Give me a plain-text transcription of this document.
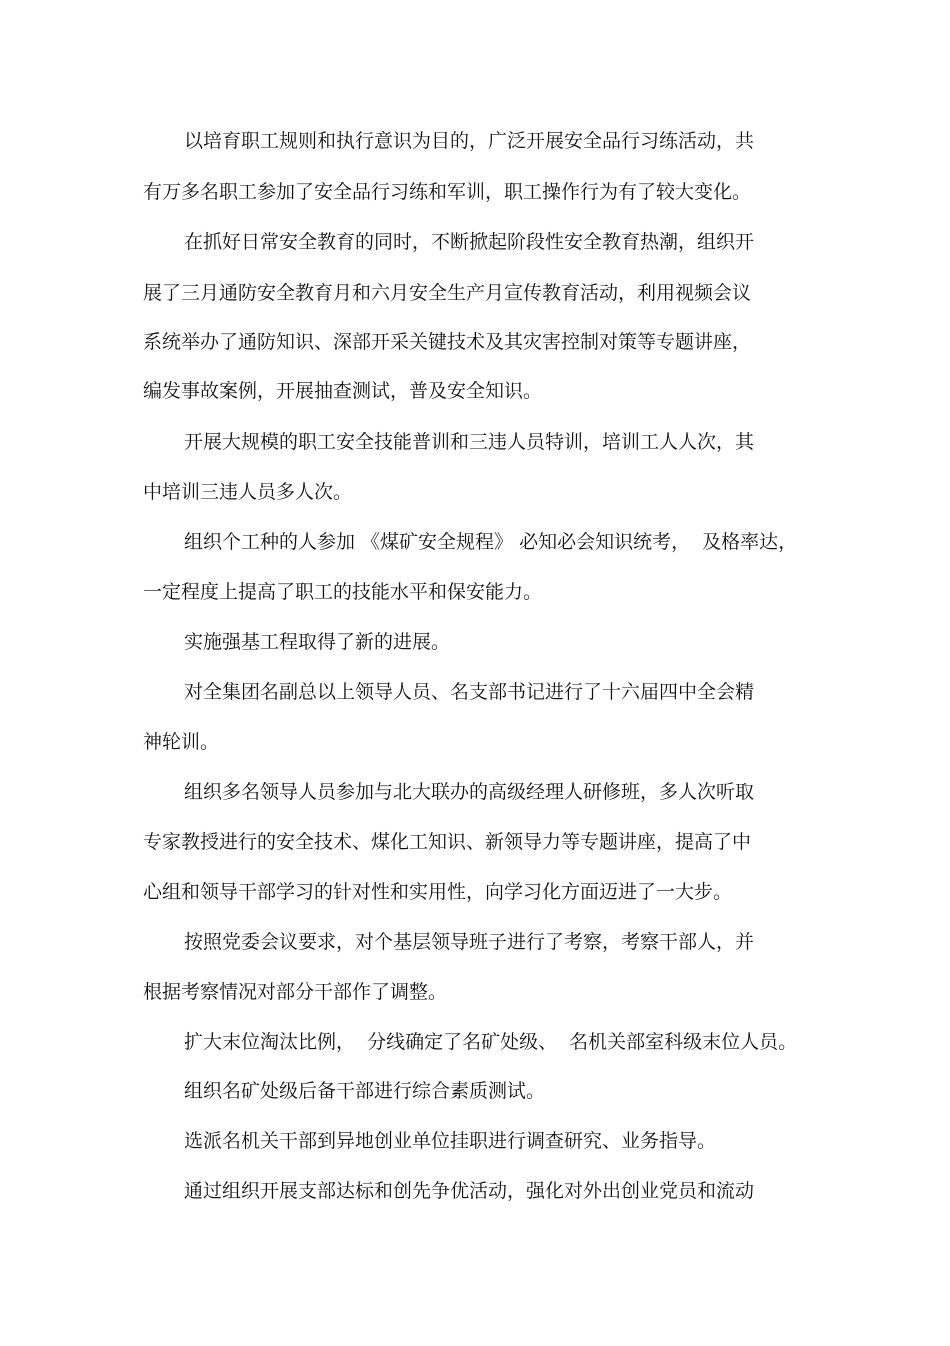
以培育职工规则和执行意识为目的，广泛开展安全品行习练活动，共

有万多名职工参加了安全品行习练和军训，职工操作行为有了较大变化。

在抓好日常安全教育的同时，不断掀起阶段性安全教育热潮，组织开

展了三月通防安全教育月和六月安全生产月宣传教育活动，利用视频会议

系统举办了通防知识、深部开采关键技术及其灾害控制对策等专题讲座，

编发事故案例，开展抽查测试，普及安全知识。

开展大规模的职工安全技能普训和三违人员特训，培训工人人次，其

中培训三违人员多人次。

组织个工种的人参加 《煤矿安全规程》 必知必会知识统考，  及格率达，

一定程度上提高了职工的技能水平和保安能力。

实施强基工程取得了新的进展。

对全集团名副总以上领导人员、名支部书记进行了十六届四中全会精

神轮训。

组织多名领导人员参加与北大联办的高级经理人研修班，多人次听取

专家教授进行的安全技术、煤化工知识、新领导力等专题讲座，提高了中

心组和领导干部学习的针对性和实用性，向学习化方面迈进了一大步。

按照党委会议要求，对个基层领导班子进行了考察，考察干部人，并

根据考察情况对部分干部作了调整。

扩大末位淘汰比例，  分线确定了名矿处级、  名机关部室科级末位人员。

组织名矿处级后备干部进行综合素质测试。

选派名机关干部到异地创业单位挂职进行调查研究、业务指导。

通过组织开展支部达标和创先争优活动，强化对外出创业党员和流动
